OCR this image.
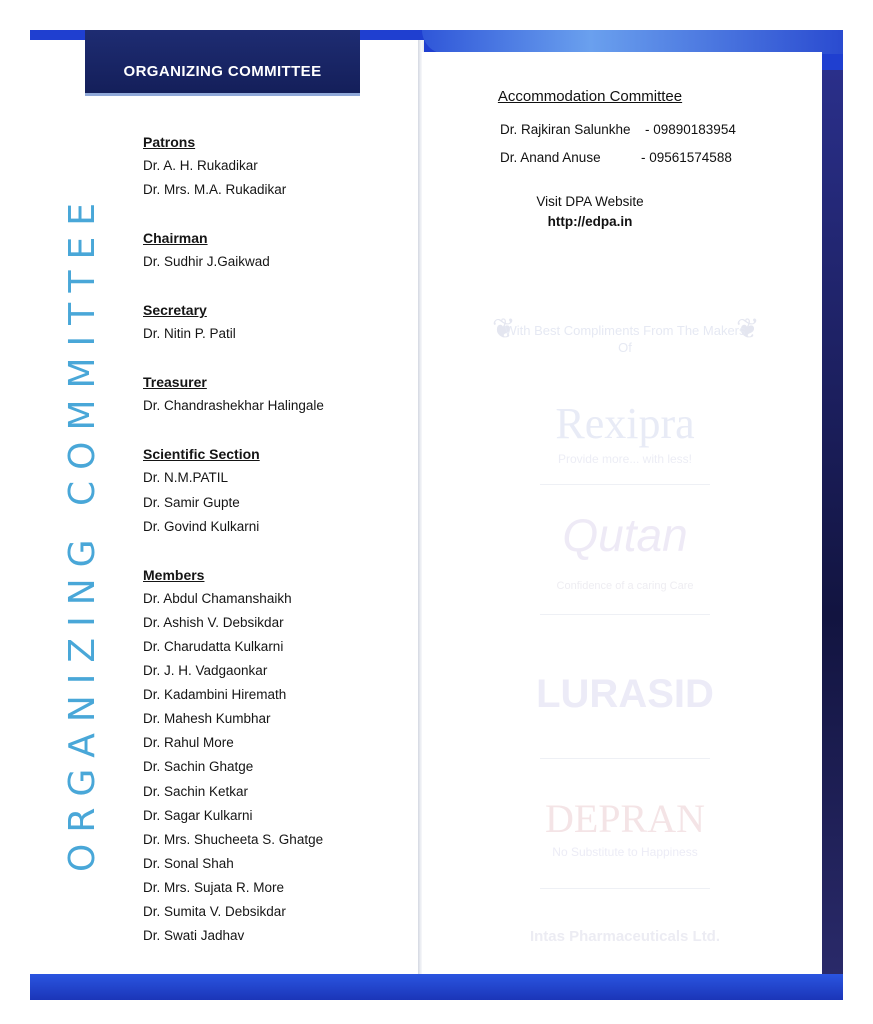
ORGANIZING COMMITTEE
ORGANIZING COMMITTEE
Patrons
Dr. A. H. Rukadikar
Dr. Mrs. M.A. Rukadikar
Chairman
Dr. Sudhir J.Gaikwad
Secretary
Dr. Nitin P. Patil
Treasurer
Dr. Chandrashekhar Halingale
Scientific Section
Dr. N.M.PATIL
Dr. Samir Gupte
Dr. Govind Kulkarni
Members
Dr. Abdul Chamanshaikh
Dr. Ashish V. Debsikdar
Dr. Charudatta Kulkarni
Dr. J. H. Vadgaonkar
Dr. Kadambini Hiremath
Dr. Mahesh Kumbhar
Dr. Rahul More
Dr. Sachin Ghatge
Dr. Sachin Ketkar
Dr. Sagar Kulkarni
Dr. Mrs. Shucheeta S. Ghatge
Dr. Sonal Shah
Dr. Mrs. Sujata R. More
Dr. Sumita V. Debsikdar
Dr. Swati Jadhav
Accommodation Committee
Dr. Rajkiran Salunkhe	- 09890183954
Dr. Anand Anuse	- 09561574588
Visit DPA Website
http://edpa.in
❦	❦
With Best Compliments From The Makers Of
Rexipra
Provide more... with less!
Qutan
Confidence of a caring Care
LURASID
DEPRAN
No Substitute to Happiness
Intas Pharmaceuticals Ltd.
